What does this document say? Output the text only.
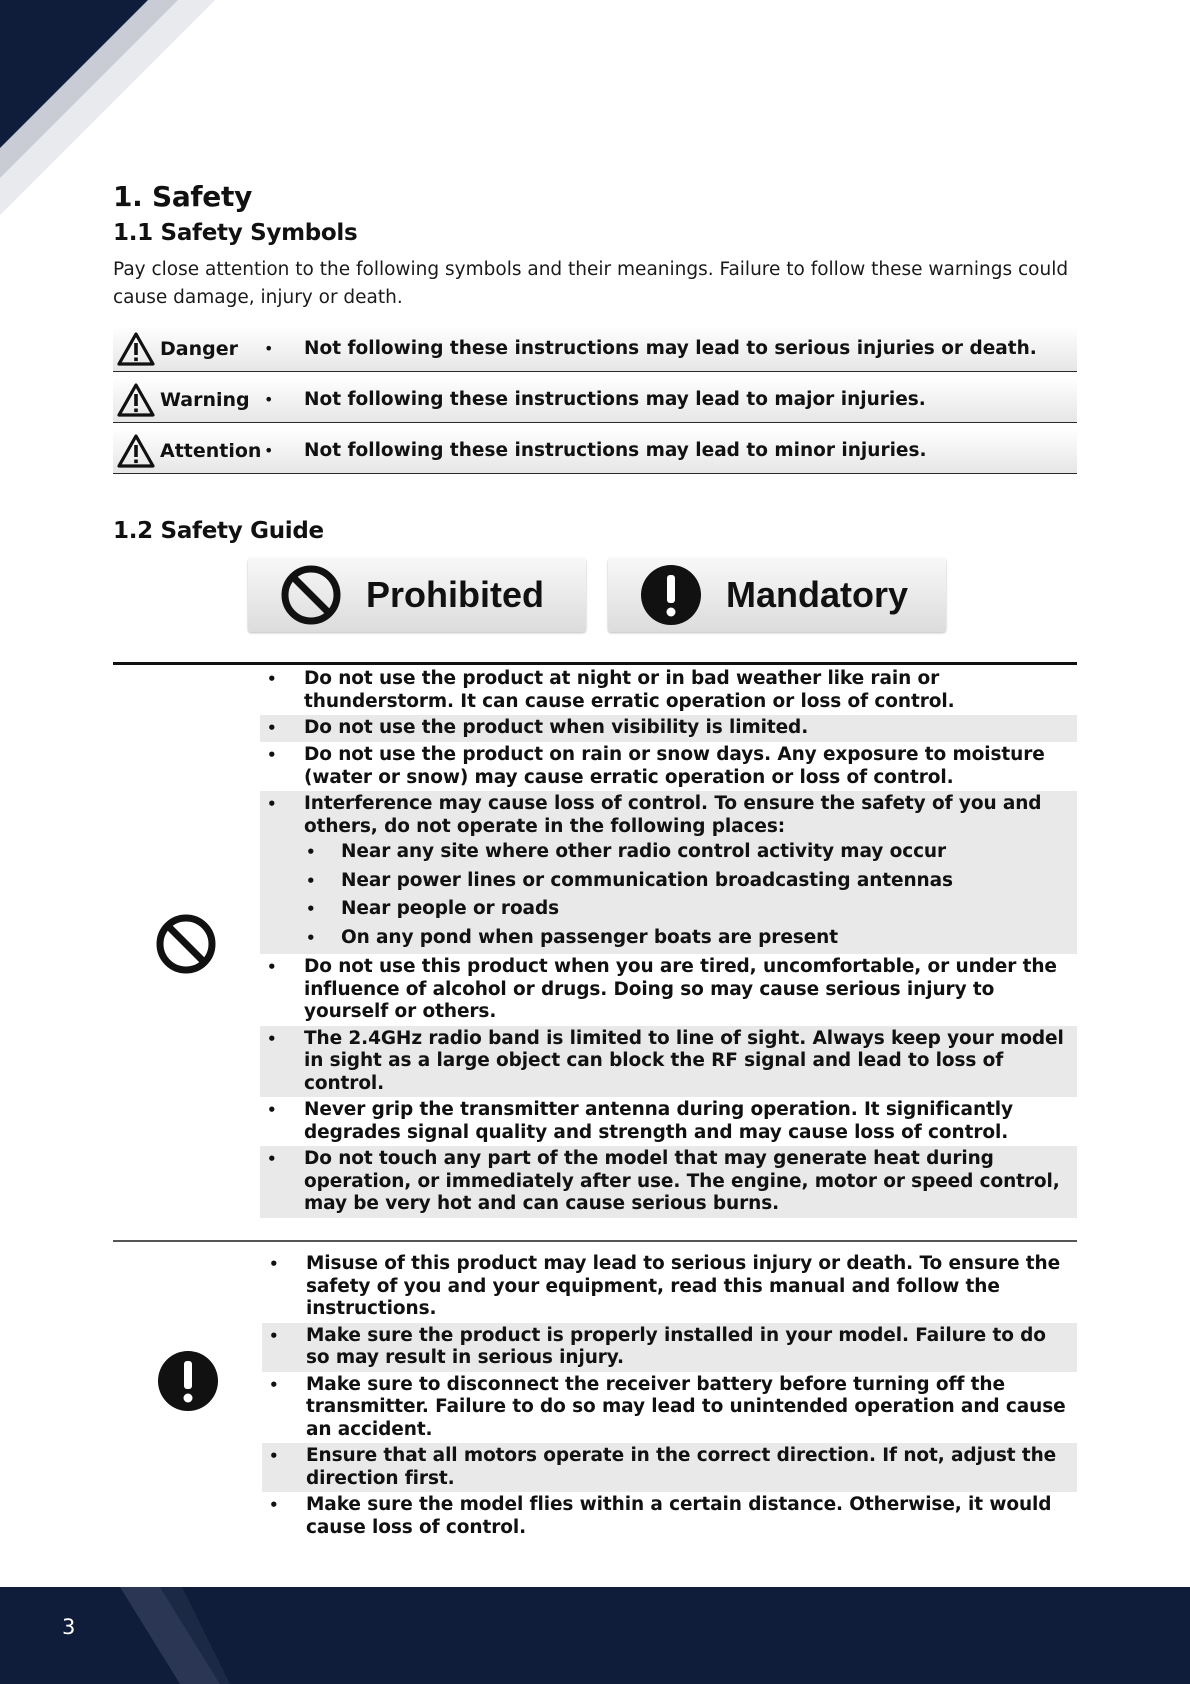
1. Safety
1.1 Safety Symbols
Pay close attention to the following symbols and their meanings. Failure to follow these warnings could cause damage, injury or death.
Danger	•	Not following these instructions may lead to serious injuries or death.
Warning •	Not following these instructions may lead to major injuries.
Attention •	Not following these instructions may lead to minor injuries.
1.2 Safety Guide
Prohibited	Mandatory
•	Do not use the product at night or in bad weather like rain or thunderstorm. It can cause erratic operation or loss of control.
•	Do not use the product when visibility is limited.
•	Do not use the product on rain or snow days. Any exposure to moisture (water or snow) may cause erratic operation or loss of control.
•	Interference may cause loss of control. To ensure the safety of you and others, do not operate in the following places:
•	Near any site where other radio control activity may occur
•	Near power lines or communication broadcasting antennas
•	Near people or roads
•	On any pond when passenger boats are present
•	Do not use this product when you are tired, uncomfortable, or under the influence of alcohol or drugs. Doing so may cause serious injury to yourself or others.
•	The 2.4GHz radio band is limited to line of sight. Always keep your model in sight as a large object can block the RF signal and lead to loss of control.
•	Never grip the transmitter antenna during operation. It significantly degrades signal quality and strength and may cause loss of control.
•	Do not touch any part of the model that may generate heat during operation, or immediately after use. The engine, motor or speed control, may be very hot and can cause serious burns.
•	Misuse of this product may lead to serious injury or death. To ensure the safety of you and your equipment, read this manual and follow the instructions.
•	Make sure the product is properly installed in your model. Failure to do so may result in serious injury.
•	Make sure to disconnect the receiver battery before turning off the transmitter. Failure to do so may lead to unintended operation and cause an accident.
•	Ensure that all motors operate in the correct direction. If not, adjust the direction first.
•	Make sure the model flies within a certain distance. Otherwise, it would cause loss of control.
3
